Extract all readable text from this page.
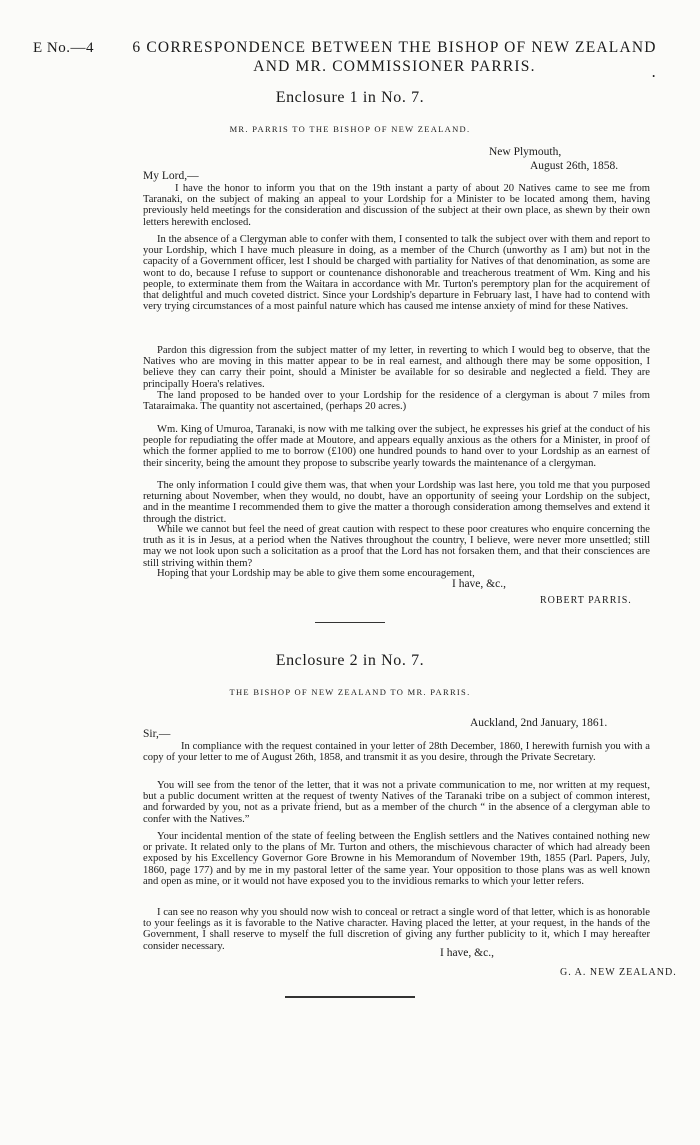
E No.—4	6 CORRESPONDENCE BETWEEN THE BISHOP OF NEW ZEALAND
AND MR. COMMISSIONER PARRIS.
•
Enclosure 1 in No. 7.
MR. PARRIS TO THE BISHOP OF NEW ZEALAND.
New Plymouth,
August 26th, 1858.
My Lord,—
I have the honor to inform you that on the 19th instant a party of about 20 Natives came to see me from Taranaki, on the subject of making an appeal to your Lordship for a Minister to be located among them, having previously held meetings for the consideration and discussion of the subject at their own place, as shewn by their own letters herewith enclosed.
In the absence of a Clergyman able to confer with them, I consented to talk the subject over with them and report to your Lordship, which I have much pleasure in doing, as a member of the Church (unworthy as I am) but not in the capacity of a Government officer, lest I should be charged with partiality for Natives of that denomination, as some are wont to do, because I refuse to support or countenance dishonorable and treacherous treatment of Wm. King and his people, to exterminate them from the Waitara in accordance with Mr. Turton's peremptory plan for the acquirement of that delightful and much coveted district. Since your Lordship's departure in February last, I have had to contend with very trying circumstances of a most painful nature which has caused me intense anxiety of mind for these Natives.
Pardon this digression from the subject matter of my letter, in reverting to which I would beg to observe, that the Natives who are moving in this matter appear to be in real earnest, and although there may be some opposition, I believe they can carry their point, should a Minister be available for so desirable and neglected a field. They are principally Hoera's relatives.
The land proposed to be handed over to your Lordship for the residence of a clergyman is about 7 miles from Tataraimaka. The quantity not ascertained, (perhaps 20 acres.)
Wm. King of Umuroa, Taranaki, is now with me talking over the subject, he expresses his grief at the conduct of his people for repudiating the offer made at Moutore, and appears equally anxious as the others for a Minister, in proof of which the former applied to me to borrow (£100) one hundred pounds to hand over to your Lordship as an earnest of their sincerity, being the amount they propose to subscribe yearly towards the maintenance of a clergyman.
The only information I could give them was, that when your Lordship was last here, you told me that you purposed returning about November, when they would, no doubt, have an opportunity of seeing your Lordship on the subject, and in the meantime I recommended them to give the matter a thorough consideration among themselves and extend it through the district.
While we cannot but feel the need of great caution with respect to these poor creatures who enquire concerning the truth as it is in Jesus, at a period when the Natives throughout the country, I believe, were never more unsettled; still may we not look upon such a solicitation as a proof that the Lord has not forsaken them, and that their consciences are still striving within them?
Hoping that your Lordship may be able to give them some encouragement,
I have, &c.,
ROBERT PARRIS.
Enclosure 2 in No. 7.
THE BISHOP OF NEW ZEALAND TO MR. PARRIS.
Auckland, 2nd January, 1861.
Sir,—
In compliance with the request contained in your letter of 28th December, 1860, I herewith furnish you with a copy of your letter to me of August 26th, 1858, and transmit it as you desire, through the Private Secretary.
You will see from the tenor of the letter, that it was not a private communication to me, nor written at my request, but a public document written at the request of twenty Natives of the Taranaki tribe on a subject of common interest, and forwarded by you, not as a private friend, but as a member of the church “ in the absence of a clergyman able to confer with the Natives.”
Your incidental mention of the state of feeling between the English settlers and the Natives contained nothing new or private. It related only to the plans of Mr. Turton and others, the mischievous character of which had already been exposed by his Excellency Governor Gore Browne in his Memorandum of November 19th, 1855 (Parl. Papers, July, 1860, page 177) and by me in my pastoral letter of the same year. Your opposition to those plans was as well known and open as mine, or it would not have exposed you to the invidious remarks to which your letter refers.
I can see no reason why you should now wish to conceal or retract a single word of that letter, which is as honorable to your feelings as it is favorable to the Native character. Having placed the letter, at your request, in the hands of the Government, I shall reserve to myself the full discretion of giving any further publicity to it, which I may hereafter consider necessary.
I have, &c.,
G. A. NEW ZEALAND.
